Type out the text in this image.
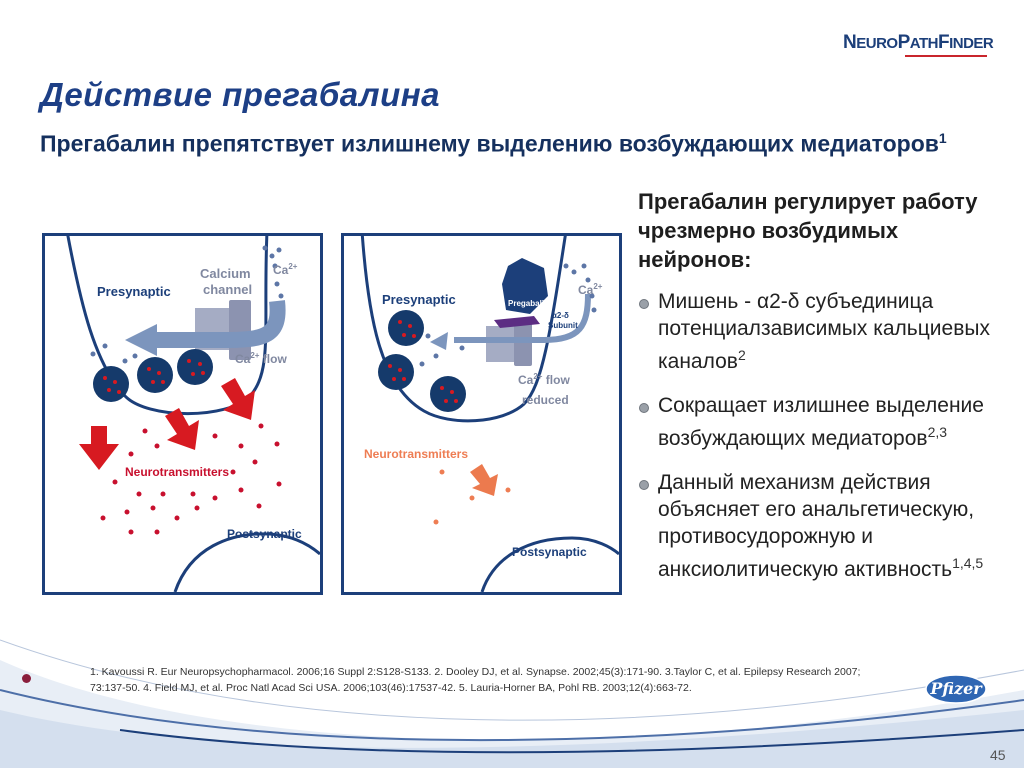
NEUROPATHFINDER
Действие прегабалина
Прегабалин препятствует излишнему выделению возбуждающих медиаторов$^1$
Presynaptic
Calcium
channel
$Ca^{2+}$
$Ca^{2+}$ flow
Neurotransmitters
Postsynaptic
Presynaptic	Pregabalin
α2-δ
Subunit
$Ca^{2+}$
$Ca^{2+}$ flow
reduced
Neurotransmitters
Postsynaptic
Прегабалин регулирует работу чрезмерно возбудимых нейронов:
Мишень - α2-δ субъединица потенциалзависимых кальциевых каналов$^2$
Сокращает излишнее выделение возбуждающих медиаторов$^{2,3}$
Данный механизм действия объясняет его анальгетическую, противосудорожную и анксиолитическую активность$^{1,4,5}$
1. Kavoussi R. Eur Neuropsychopharmacol. 2006;16 Suppl 2:S128-S133. 2. Dooley DJ, et al. Synapse. 2002;45(3):171-90. 3.Taylor C, et al. Epilepsy Research 2007; 73:137-50. 4. Field MJ, et al. Proc Natl Acad Sci USA. 2006;103(46):17537-42. 5. Lauria-Horner BA, Pohl RB. 2003;12(4):663-72.	Pfizer
45
